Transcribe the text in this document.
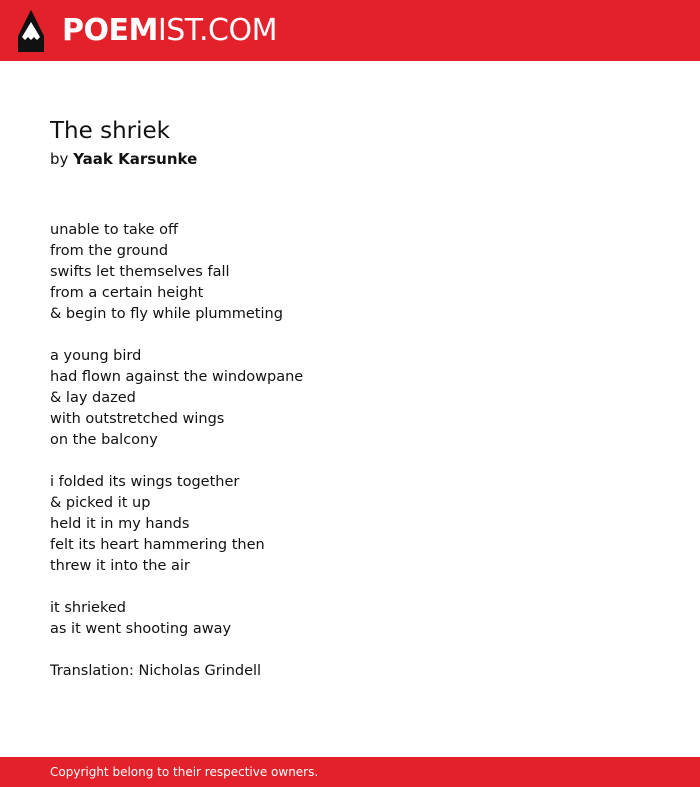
POEMIST.COM
The shriek
by Yaak Karsunke
unable to take off
from the ground
swifts let themselves fall
from a certain height
& begin to fly while plummeting
a young bird
had flown against the windowpane
& lay dazed
with outstretched wings
on the balcony
i folded its wings together
& picked it up
held it in my hands
felt its heart hammering then
threw it into the air
it shrieked
as it went shooting away
Translation: Nicholas Grindell
Copyright belong to their respective owners.
